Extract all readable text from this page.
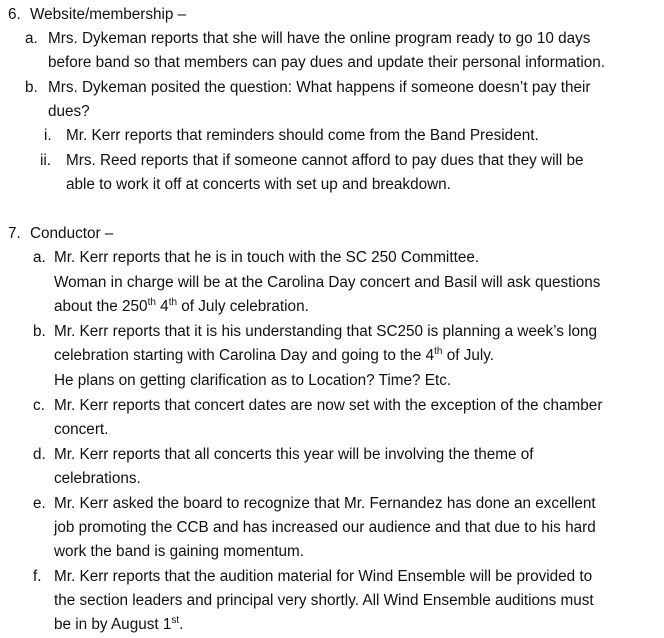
6. Website/membership –
a. Mrs. Dykeman reports that she will have the online program ready to go 10 days
before band so that members can pay dues and update their personal information.
b. Mrs. Dykeman posited the question: What happens if someone doesn’t pay their
dues?
i. Mr. Kerr reports that reminders should come from the Band President.
ii. Mrs. Reed reports that if someone cannot afford to pay dues that they will be
able to work it off at concerts with set up and breakdown.
7. Conductor –
a. Mr. Kerr reports that he is in touch with the SC 250 Committee.
Woman in charge will be at the Carolina Day concert and Basil will ask questions
about the 250th 4th of July celebration.
b. Mr. Kerr reports that it is his understanding that SC250 is planning a week’s long
celebration starting with Carolina Day and going to the 4th of July.
He plans on getting clarification as to Location? Time? Etc.
c. Mr. Kerr reports that concert dates are now set with the exception of the chamber
concert.
d. Mr. Kerr reports that all concerts this year will be involving the theme of
celebrations.
e. Mr. Kerr asked the board to recognize that Mr. Fernandez has done an excellent
job promoting the CCB and has increased our audience and that due to his hard
work the band is gaining momentum.
f. Mr. Kerr reports that the audition material for Wind Ensemble will be provided to
the section leaders and principal very shortly. All Wind Ensemble auditions must
be in by August 1st.
